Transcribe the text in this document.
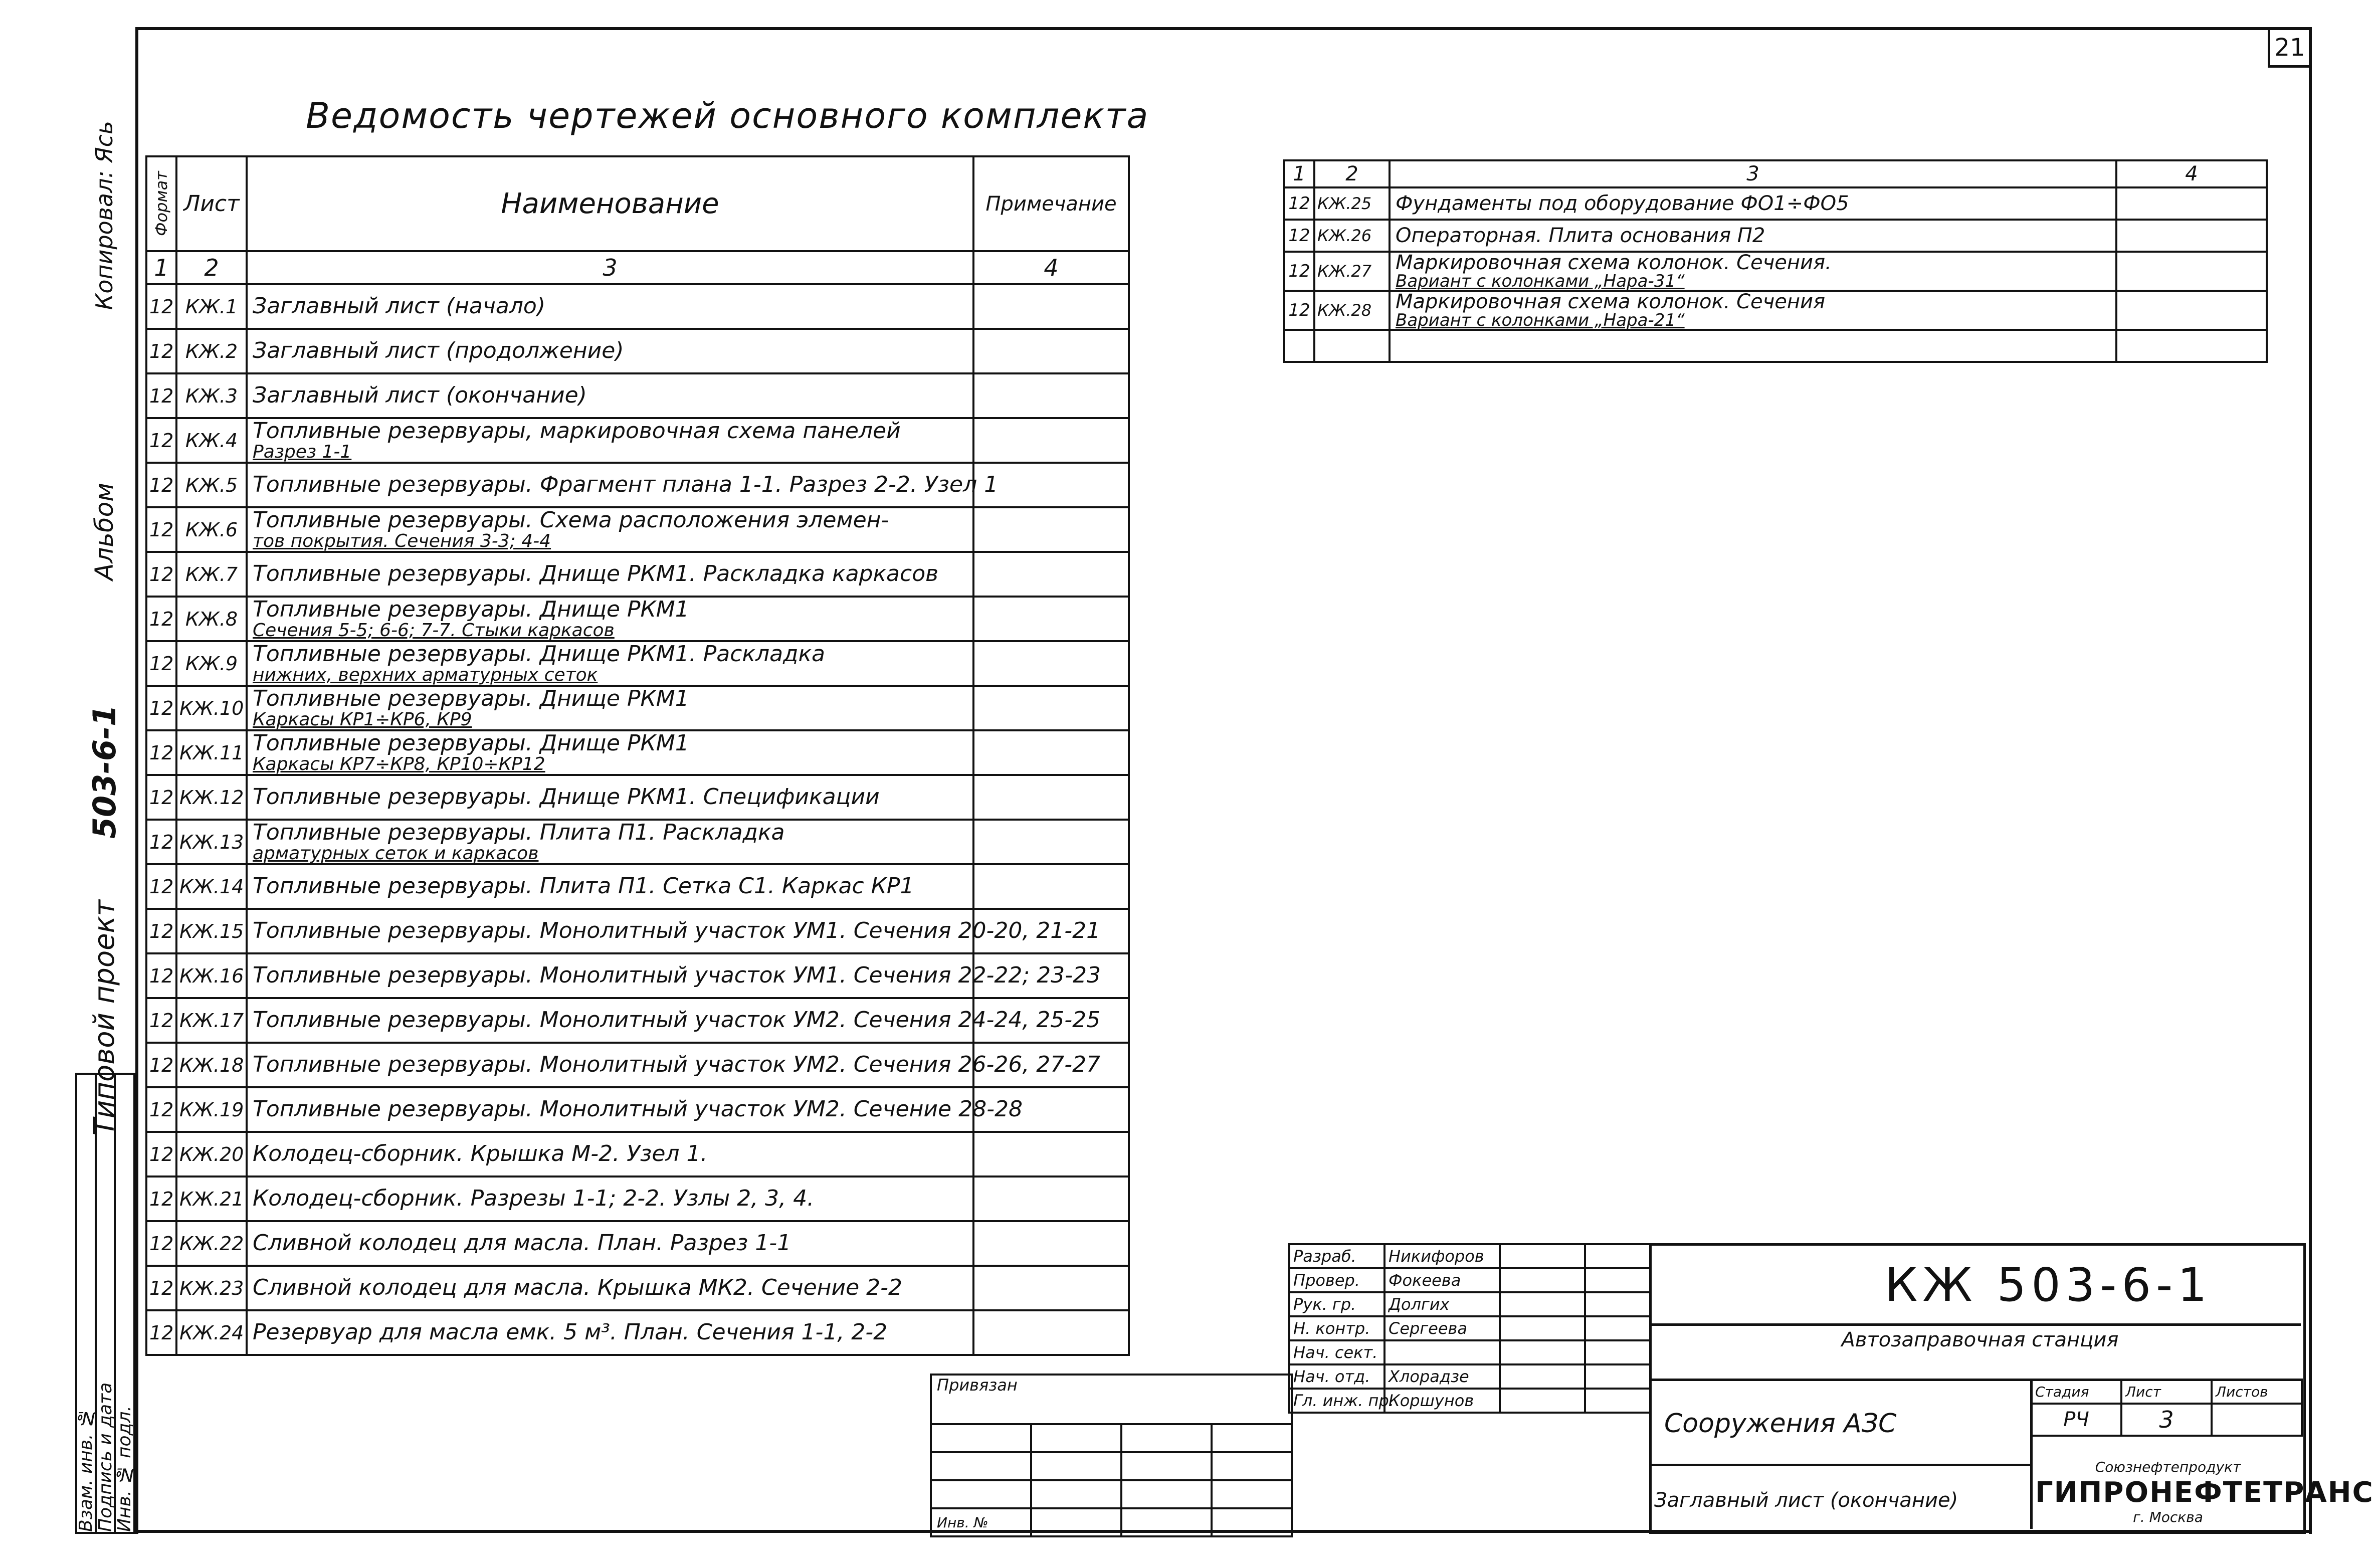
21
Копировал: Ясь
Альбом
503-6-1
Типовой проект
Взам. инв. №	Подпись и дата	Инв. № подл.
Ведомость чертежей основного комплекта
Формат	Лист	Наименование	Примечание
1	2	3	4
12	КЖ.1	Заглавный лист (начало)	

12	КЖ.2	Заглавный лист (продолжение)	

12	КЖ.3	Заглавный лист (окончание)	

12	КЖ.4	Топливные резервуары, маркировочная схема панелей
Разрез 1-1	

12	КЖ.5	Топливные резервуары. Фрагмент плана 1-1. Разрез 2-2. Узел 1	

12	КЖ.6	Топливные резервуары. Схема расположения элемен-
тов покрытия. Сечения 3-3; 4-4	

12	КЖ.7	Топливные резервуары. Днище РКМ1. Раскладка каркасов	

12	КЖ.8	Топливные резервуары. Днище РКМ1
Сечения 5-5; 6-6; 7-7. Стыки каркасов	

12	КЖ.9	Топливные резервуары. Днище РКМ1. Раскладка
нижних, верхних арматурных сеток	

12	КЖ.10	Топливные резервуары. Днище РКМ1
Каркасы КР1÷КР6, КР9	

12	КЖ.11	Топливные резервуары. Днище РКМ1
Каркасы КР7÷КР8, КР10÷КР12	

12	КЖ.12	Топливные резервуары. Днище РКМ1. Спецификации	

12	КЖ.13	Топливные резервуары. Плита П1. Раскладка
арматурных сеток и каркасов	

12	КЖ.14	Топливные резервуары. Плита П1. Сетка С1. Каркас КР1	

12	КЖ.15	Топливные резервуары. Монолитный участок УМ1. Сечения 20-20, 21-21	

12	КЖ.16	Топливные резервуары. Монолитный участок УМ1. Сечения 22-22; 23-23	

12	КЖ.17	Топливные резервуары. Монолитный участок УМ2. Сечения 24-24, 25-25	

12	КЖ.18	Топливные резервуары. Монолитный участок УМ2. Сечения 26-26, 27-27	

12	КЖ.19	Топливные резервуары. Монолитный участок УМ2. Сечение 28-28	

12	КЖ.20	Колодец-сборник. Крышка М-2. Узел 1.	

12	КЖ.21	Колодец-сборник. Разрезы 1-1; 2-2. Узлы 2, 3, 4.	

12	КЖ.22	Сливной колодец для масла. План. Разрез 1-1	

12	КЖ.23	Сливной колодец для масла. Крышка МК2. Сечение 2-2	

12	КЖ.24	Резервуар для масла емк. 5 м³. План. Сечения 1-1, 2-2	

1	2	3	4
12	КЖ.25	Фундаменты под оборудование ФО1÷ФО5	

12	КЖ.26	Операторная. Плита основания П2	

12	КЖ.27	Маркировочная схема колонок. Сечения.
Вариант с колонками „Нара-31“	

12	КЖ.28	Маркировочная схема колонок. Сечения
Вариант с колонками „Нара-21“	

Привязан			

Инв. №			
Разраб.	Никифоров		
Провер.	Фокеева		
Рук. гр.	Долгих		
Н. контр.	Сергеева		
Нач. сект.			
Нач. отд.	Хлорадзе		
Гл. инж. пр.	Коршунов		
КЖ 503-6-1
Автозаправочная станция
Сооружения АЗС
Заглавный лист (окончание)
Стадия	Лист	Листов
РЧ	3	
Союзнефтепродукт
ГИПРОНЕФТЕТРАНС
г. Москва
